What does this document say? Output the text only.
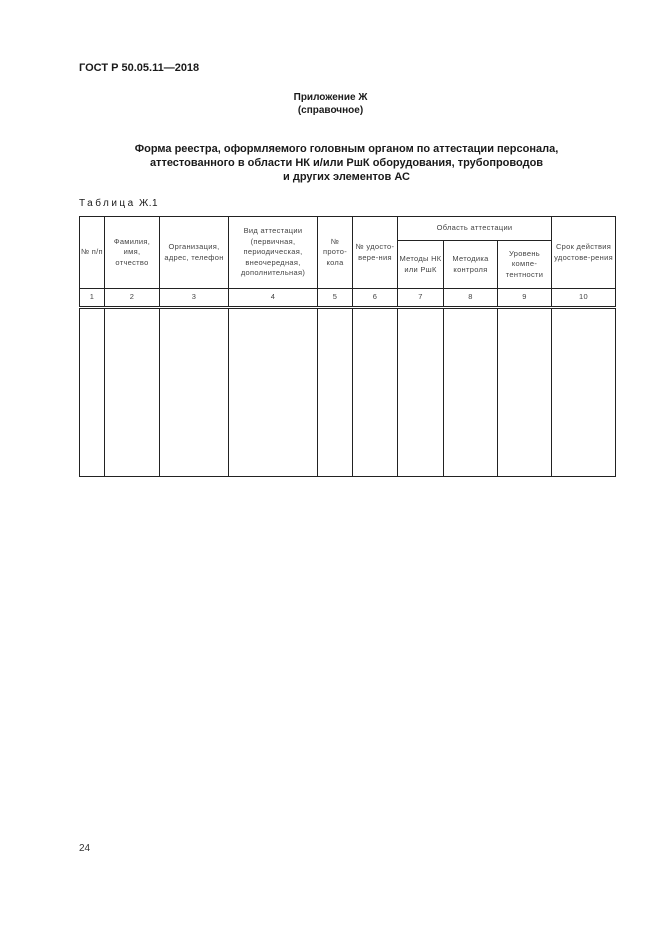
ГОСТ Р 50.05.11—2018
Приложение Ж
(справочное)
Форма реестра, оформляемого головным органом по аттестации персонала,
аттестованного в области НК и/или РшК оборудования, трубопроводов
и других элементов АС
Таблица Ж.1
№ п/п	Фамилия, имя, отчество	Организация, адрес, телефон	Вид аттестации (первичная, периодическая, внеочередная, дополнительная)	№ прото-кола	№ удосто-вере-ния	Область аттестации			Срок действия удостове-рения
						Методы НК или РшК	Методика контроля	Уровень компе-тентности	
1	2	3	4	5	6	7	8	9	10

24
